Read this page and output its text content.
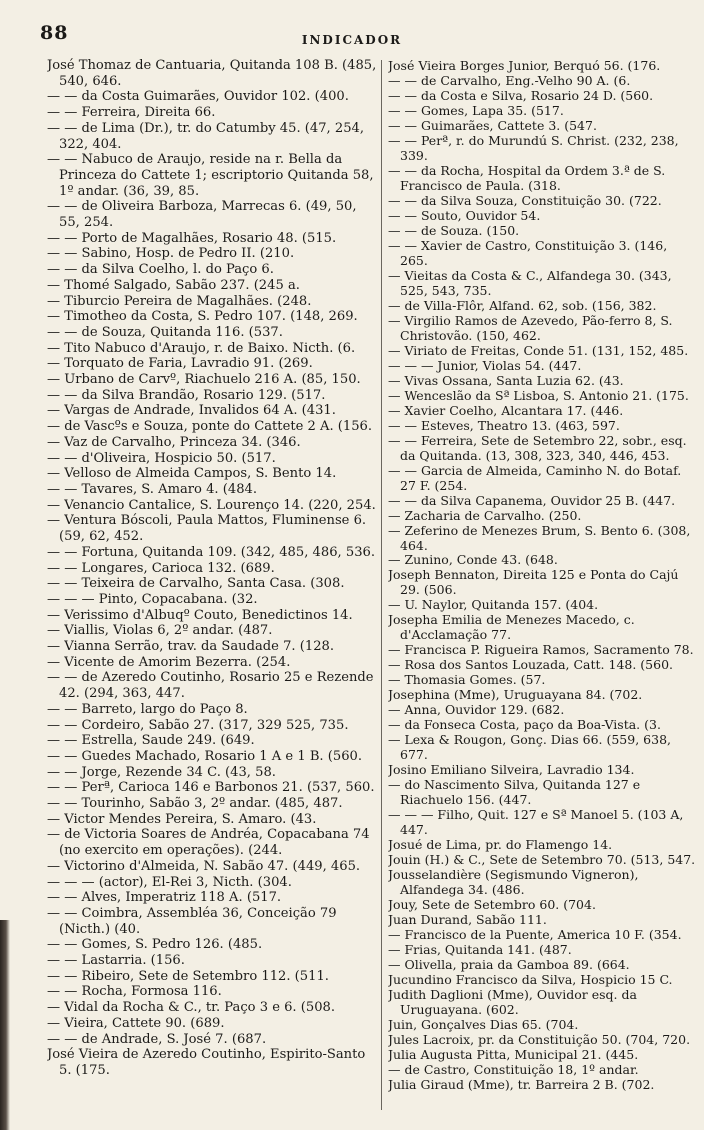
88	INDICADOR
José Thomaz de Cantuaria, Quitanda 108 B. (485, 540, 646.
— — da Costa Guimarães, Ouvidor 102. (400.
— — Ferreira, Direita 66.
— — de Lima (Dr.), tr. do Catumby 45. (47, 254, 322, 404.
— — Nabuco de Araujo, reside na r. Bella da Princeza do Cattete 1; escriptorio Quitanda 58, 1º andar. (36, 39, 85.
— — de Oliveira Barboza, Marrecas 6. (49, 50, 55, 254.
— — Porto de Magalhães, Rosario 48. (515.
— — Sabino, Hosp. de Pedro II. (210.
— — da Silva Coelho, l. do Paço 6.
— Thomé Salgado, Sabão 237. (245 a.
— Tiburcio Pereira de Magalhães. (248.
— Timotheo da Costa, S. Pedro 107. (148, 269.
— — de Souza, Quitanda 116. (537.
— Tito Nabuco d'Araujo, r. de Baixo. Nicth. (6.
— Torquato de Faria, Lavradio 91. (269.
— Urbano de Carvº, Riachuelo 216 A. (85, 150.
— — da Silva Brandão, Rosario 129. (517.
— Vargas de Andrade, Invalidos 64 A. (431.
— de Vascºs e Souza, ponte do Cattete 2 A. (156.
— Vaz de Carvalho, Princeza 34. (346.
— — d'Oliveira, Hospicio 50. (517.
— Velloso de Almeida Campos, S. Bento 14.
— — Tavares, S. Amaro 4. (484.
— Venancio Cantalice, S. Lourenço 14. (220, 254.
— Ventura Bóscoli, Paula Mattos, Fluminense 6. (59, 62, 452.
— — Fortuna, Quitanda 109. (342, 485, 486, 536.
— — Longares, Carioca 132. (689.
— — Teixeira de Carvalho, Santa Casa. (308.
— — — Pinto, Copacabana. (32.
— Verissimo d'Albuqº Couto, Benedictinos 14.
— Viallis, Violas 6, 2º andar. (487.
— Vianna Serrão, trav. da Saudade 7. (128.
— Vicente de Amorim Bezerra. (254.
— — de Azeredo Coutinho, Rosario 25 e Rezende 42. (294, 363, 447.
— — Barreto, largo do Paço 8.
— — Cordeiro, Sabão 27. (317, 329 525, 735.
— — Estrella, Saude 249. (649.
— — Guedes Machado, Rosario 1 A e 1 B. (560.
— — Jorge, Rezende 34 C. (43, 58.
— — Perª, Carioca 146 e Barbonos 21. (537, 560.
— — Tourinho, Sabão 3, 2º andar. (485, 487.
— Victor Mendes Pereira, S. Amaro. (43.
— de Victoria Soares de Andréa, Copacabana 74 (no exercito em operações). (244.
— Victorino d'Almeida, N. Sabão 47. (449, 465.
— — — (actor), El-Rei 3, Nicth. (304.
— — Alves, Imperatriz 118 A. (517.
— — Coimbra, Assembléa 36, Conceição 79 (Nicth.) (40.
— — Gomes, S. Pedro 126. (485.
— — Lastarria. (156.
— — Ribeiro, Sete de Setembro 112. (511.
— — Rocha, Formosa 116.
— Vidal da Rocha & C., tr. Paço 3 e 6. (508.
— Vieira, Cattete 90. (689.
— — de Andrade, S. José 7. (687.
José Vieira de Azeredo Coutinho, Espirito-Santo 5. (175.
José Vieira Borges Junior, Berquó 56. (176.
— — de Carvalho, Eng.-Velho 90 A. (6.
— — da Costa e Silva, Rosario 24 D. (560.
— — Gomes, Lapa 35. (517.
— — Guimarães, Cattete 3. (547.
— — Perª, r. do Murundú S. Christ. (232, 238, 339.
— — da Rocha, Hospital da Ordem 3.ª de S. Francisco de Paula. (318.
— — da Silva Souza, Constituição 30. (722.
— — Souto, Ouvidor 54.
— — de Souza. (150.
— — Xavier de Castro, Constituição 3. (146, 265.
— Vieitas da Costa & C., Alfandega 30. (343, 525, 543, 735.
— de Villa-Flôr, Alfand. 62, sob. (156, 382.
— Virgilio Ramos de Azevedo, Pão-ferro 8, S. Christovão. (150, 462.
— Viriato de Freitas, Conde 51. (131, 152, 485.
— — — Junior, Violas 54. (447.
— Vivas Ossana, Santa Luzia 62. (43.
— Wenceslão da Sª Lisboa, S. Antonio 21. (175.
— Xavier Coelho, Alcantara 17. (446.
— — Esteves, Theatro 13. (463, 597.
— — Ferreira, Sete de Setembro 22, sobr., esq. da Quitanda. (13, 308, 323, 340, 446, 453.
— — Garcia de Almeida, Caminho N. do Botaf. 27 F. (254.
— — da Silva Capanema, Ouvidor 25 B. (447.
— Zacharia de Carvalho. (250.
— Zeferino de Menezes Brum, S. Bento 6. (308, 464.
— Zunino, Conde 43. (648.
Joseph Bennaton, Direita 125 e Ponta do Cajú 29. (506.
— U. Naylor, Quitanda 157. (404.
Josepha Emilia de Menezes Macedo, c. d'Acclamação 77.
— Francisca P. Rigueira Ramos, Sacramento 78.
— Rosa dos Santos Louzada, Catt. 148. (560.
— Thomasia Gomes. (57.
Josephina (Mme), Uruguayana 84. (702.
— Anna, Ouvidor 129. (682.
— da Fonseca Costa, paço da Boa-Vista. (3.
— Lexa & Rougon, Gonç. Dias 66. (559, 638, 677.
Josino Emiliano Silveira, Lavradio 134.
— do Nascimento Silva, Quitanda 127 e Riachuelo 156. (447.
— — — Filho, Quit. 127 e Sª Manoel 5. (103 A, 447.
Josué de Lima, pr. do Flamengo 14.
Jouin (H.) & C., Sete de Setembro 70. (513, 547.
Jousselandière (Segismundo Vigneron), Alfandega 34. (486.
Jouy, Sete de Setembro 60. (704.
Juan Durand, Sabão 111.
— Francisco de la Puente, America 10 F. (354.
— Frias, Quitanda 141. (487.
— Olivella, praia da Gamboa 89. (664.
Jucundino Francisco da Silva, Hospicio 15 C.
Judith Daglioni (Mme), Ouvidor esq. da Uruguayana. (602.
Juin, Gonçalves Dias 65. (704.
Jules Lacroix, pr. da Constituição 50. (704, 720.
Julia Augusta Pitta, Municipal 21. (445.
— de Castro, Constituição 18, 1º andar.
Julia Giraud (Mme), tr. Barreira 2 B. (702.
